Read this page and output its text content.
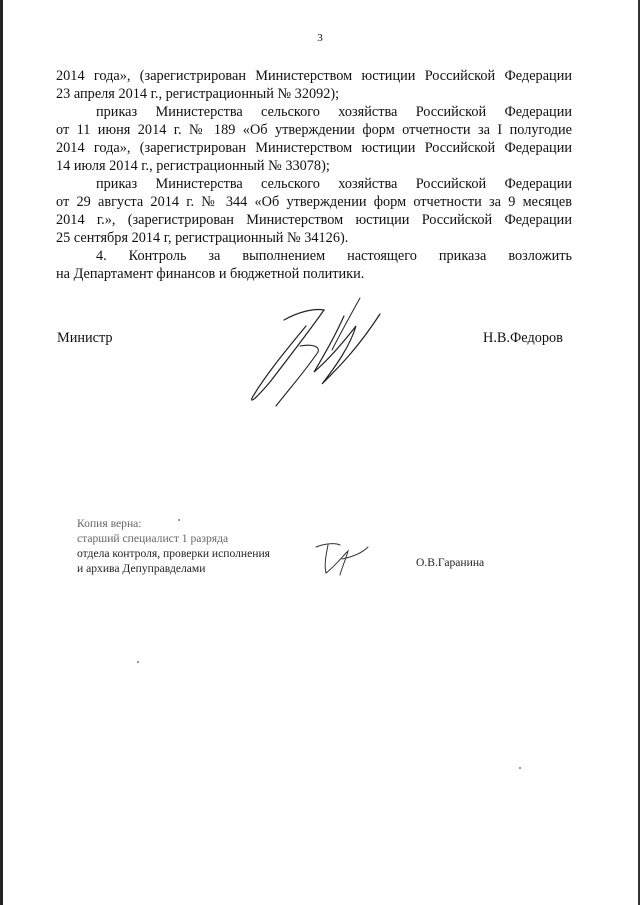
3

2014 года», (зарегистрирован Министерством юстиции Российской Федерации
23 апреля 2014 г., регистрационный № 32092);

приказ Министерства сельского хозяйства Российской Федерации
от 11 июня 2014 г. № 189 «Об утверждении форм отчетности за I полугодие
2014 года», (зарегистрирован Министерством юстиции Российской Федерации
14 июля 2014 г., регистрационный № 33078);

приказ Министерства сельского хозяйства Российской Федерации
от 29 августа 2014 г. № 344 «Об утверждении форм отчетности за 9 месяцев
2014 г.», (зарегистрирован Министерством юстиции Российской Федерации
25 сентября 2014 г, регистрационный № 34126).

4. Контроль за выполнением настоящего приказа возложить
на Департамент финансов и бюджетной политики.

Министр	Н.В.Федоров
Копия верна:
старший специалист 1 разряда
отдела контроля, проверки исполнения
и архива Депуправделами	О.В.Гаранина
